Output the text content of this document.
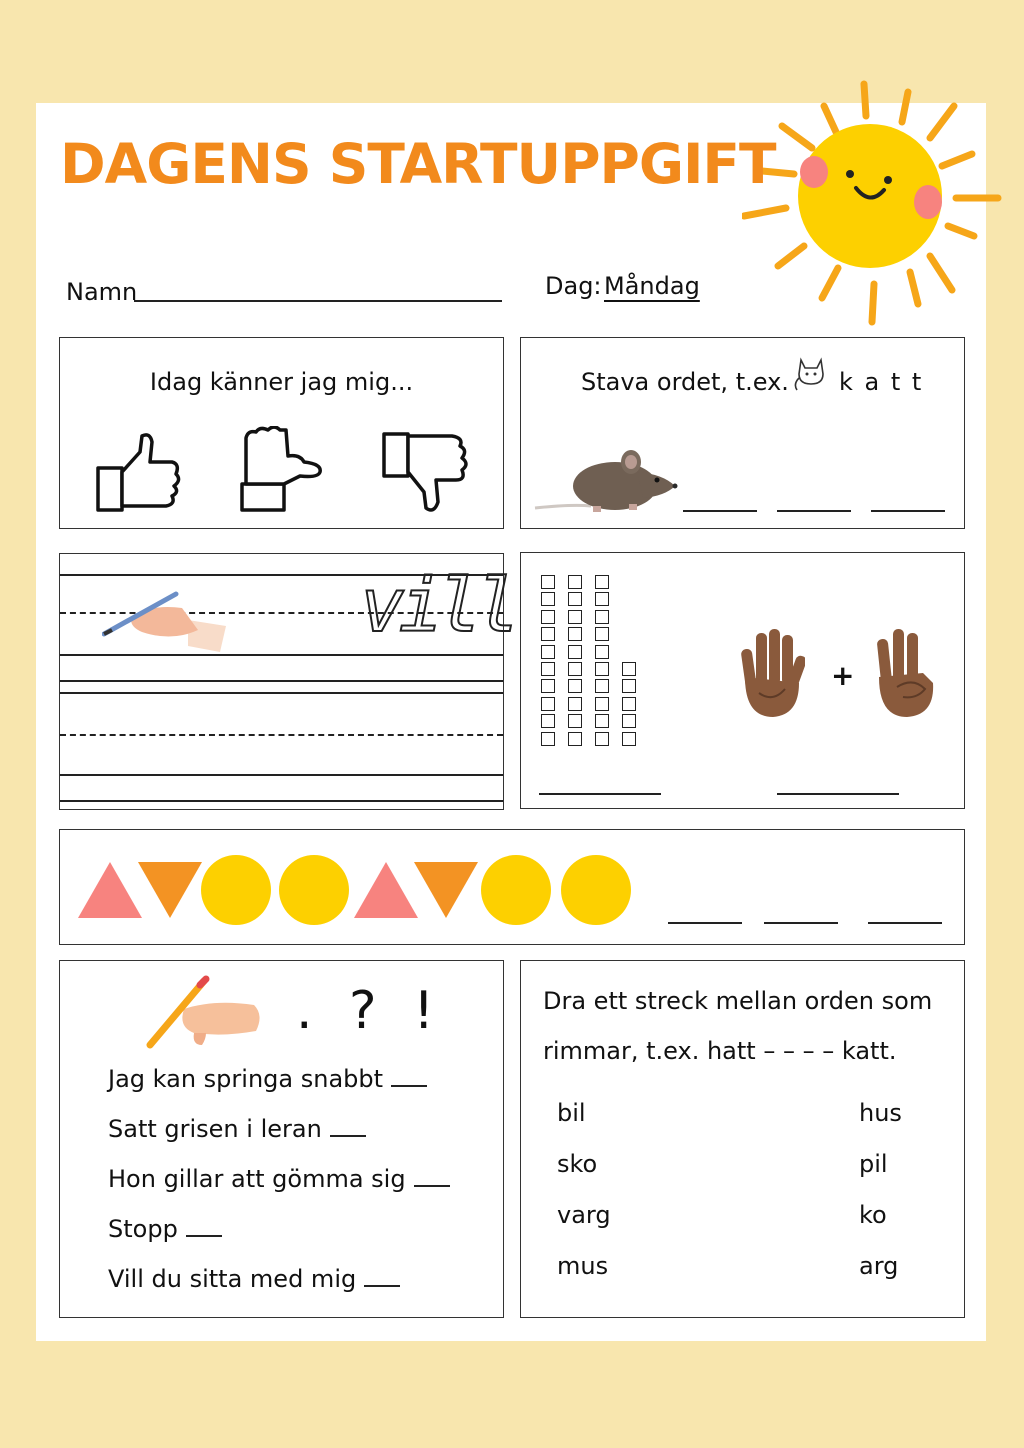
DAGENS STARTUPPGIFT
Namn	Dag: Måndag
Idag känner jag mig...	Stava ordet, t.ex. k a t t
vill
+
. ? !
Jag kan springa snabbt
Satt grisen i leran
Hon gillar att gömma sig
Stopp
Vill du sitta med mig
Dra ett streck mellan orden som
rimmar, t.ex. hatt – – – – katt.
bil
sko
varg
mus
hus
pil
ko
arg
